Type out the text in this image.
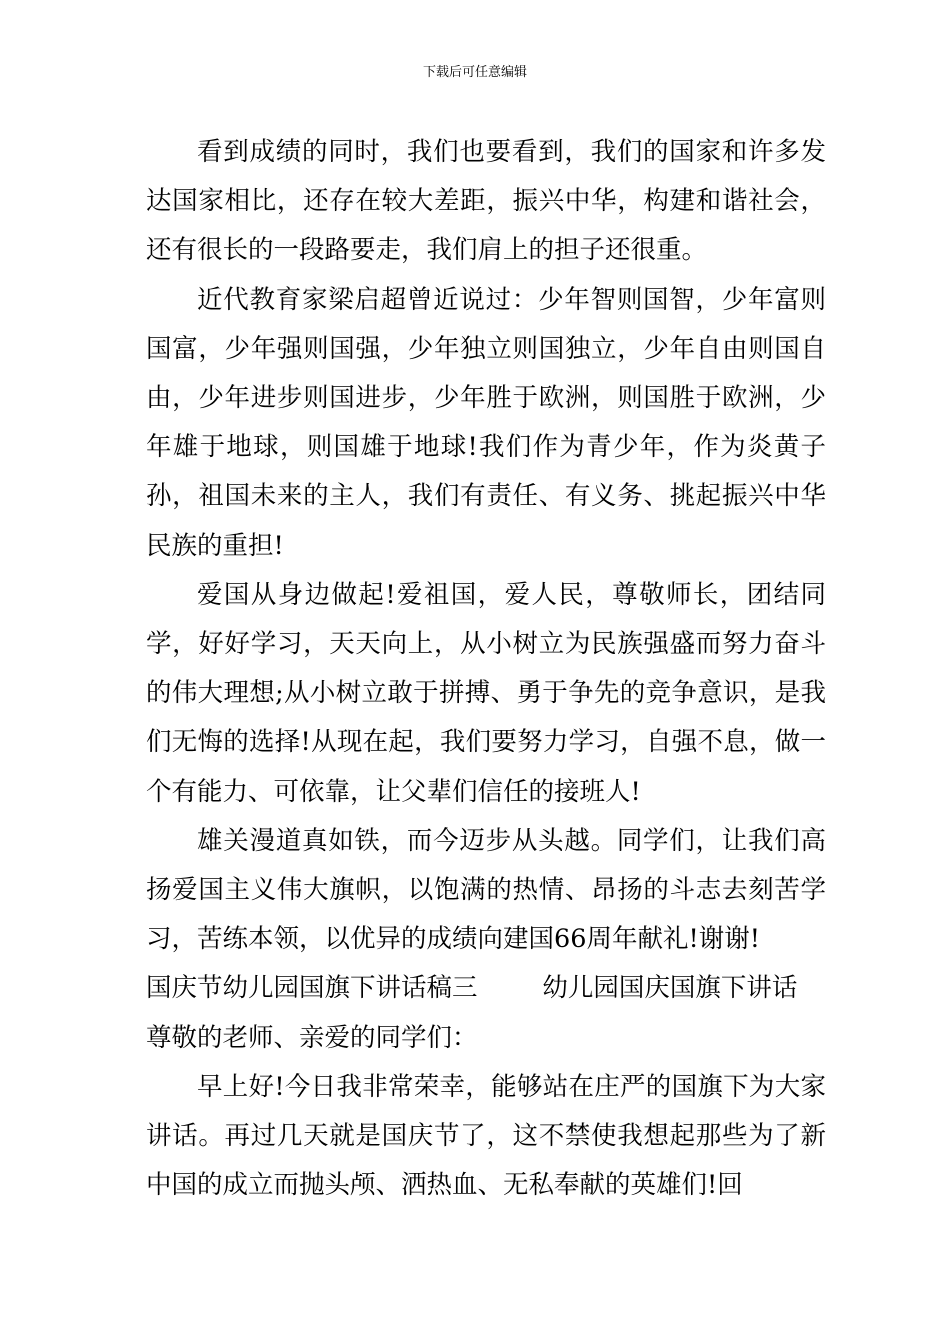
下载后可任意编辑

看到成绩的同时，我们也要看到，我们的国家和许多发达国家相比，还存在较大差距，振兴中华，构建和谐社会，还有很长的一段路要走，我们肩上的担子还很重。

近代教育家梁启超曾近说过：少年智则国智，少年富则国富，少年强则国强，少年独立则国独立，少年自由则国自由，少年进步则国进步，少年胜于欧洲，则国胜于欧洲，少年雄于地球，则国雄于地球!我们作为青少年，作为炎黄子孙，祖国未来的主人，我们有责任、有义务、挑起振兴中华民族的重担!

爱国从身边做起!爱祖国，爱人民，尊敬师长，团结同学，好好学习，天天向上，从小树立为民族强盛而努力奋斗的伟大理想;从小树立敢于拼搏、勇于争先的竞争意识，是我们无悔的选择!从现在起，我们要努力学习，自强不息，做一个有能力、可依靠，让父辈们信任的接班人!

雄关漫道真如铁，而今迈步从头越。同学们，让我们高扬爱国主义伟大旗帜，以饱满的热情、昂扬的斗志去刻苦学习，苦练本领，以优异的成绩向建国66周年献礼!谢谢!

国庆节幼儿园国旗下讲话稿三        幼儿园国庆国旗下讲话

尊敬的老师、亲爱的同学们：

早上好!今日我非常荣幸，能够站在庄严的国旗下为大家讲话。再过几天就是国庆节了，这不禁使我想起那些为了新中国的成立而抛头颅、洒热血、无私奉献的英雄们!回
